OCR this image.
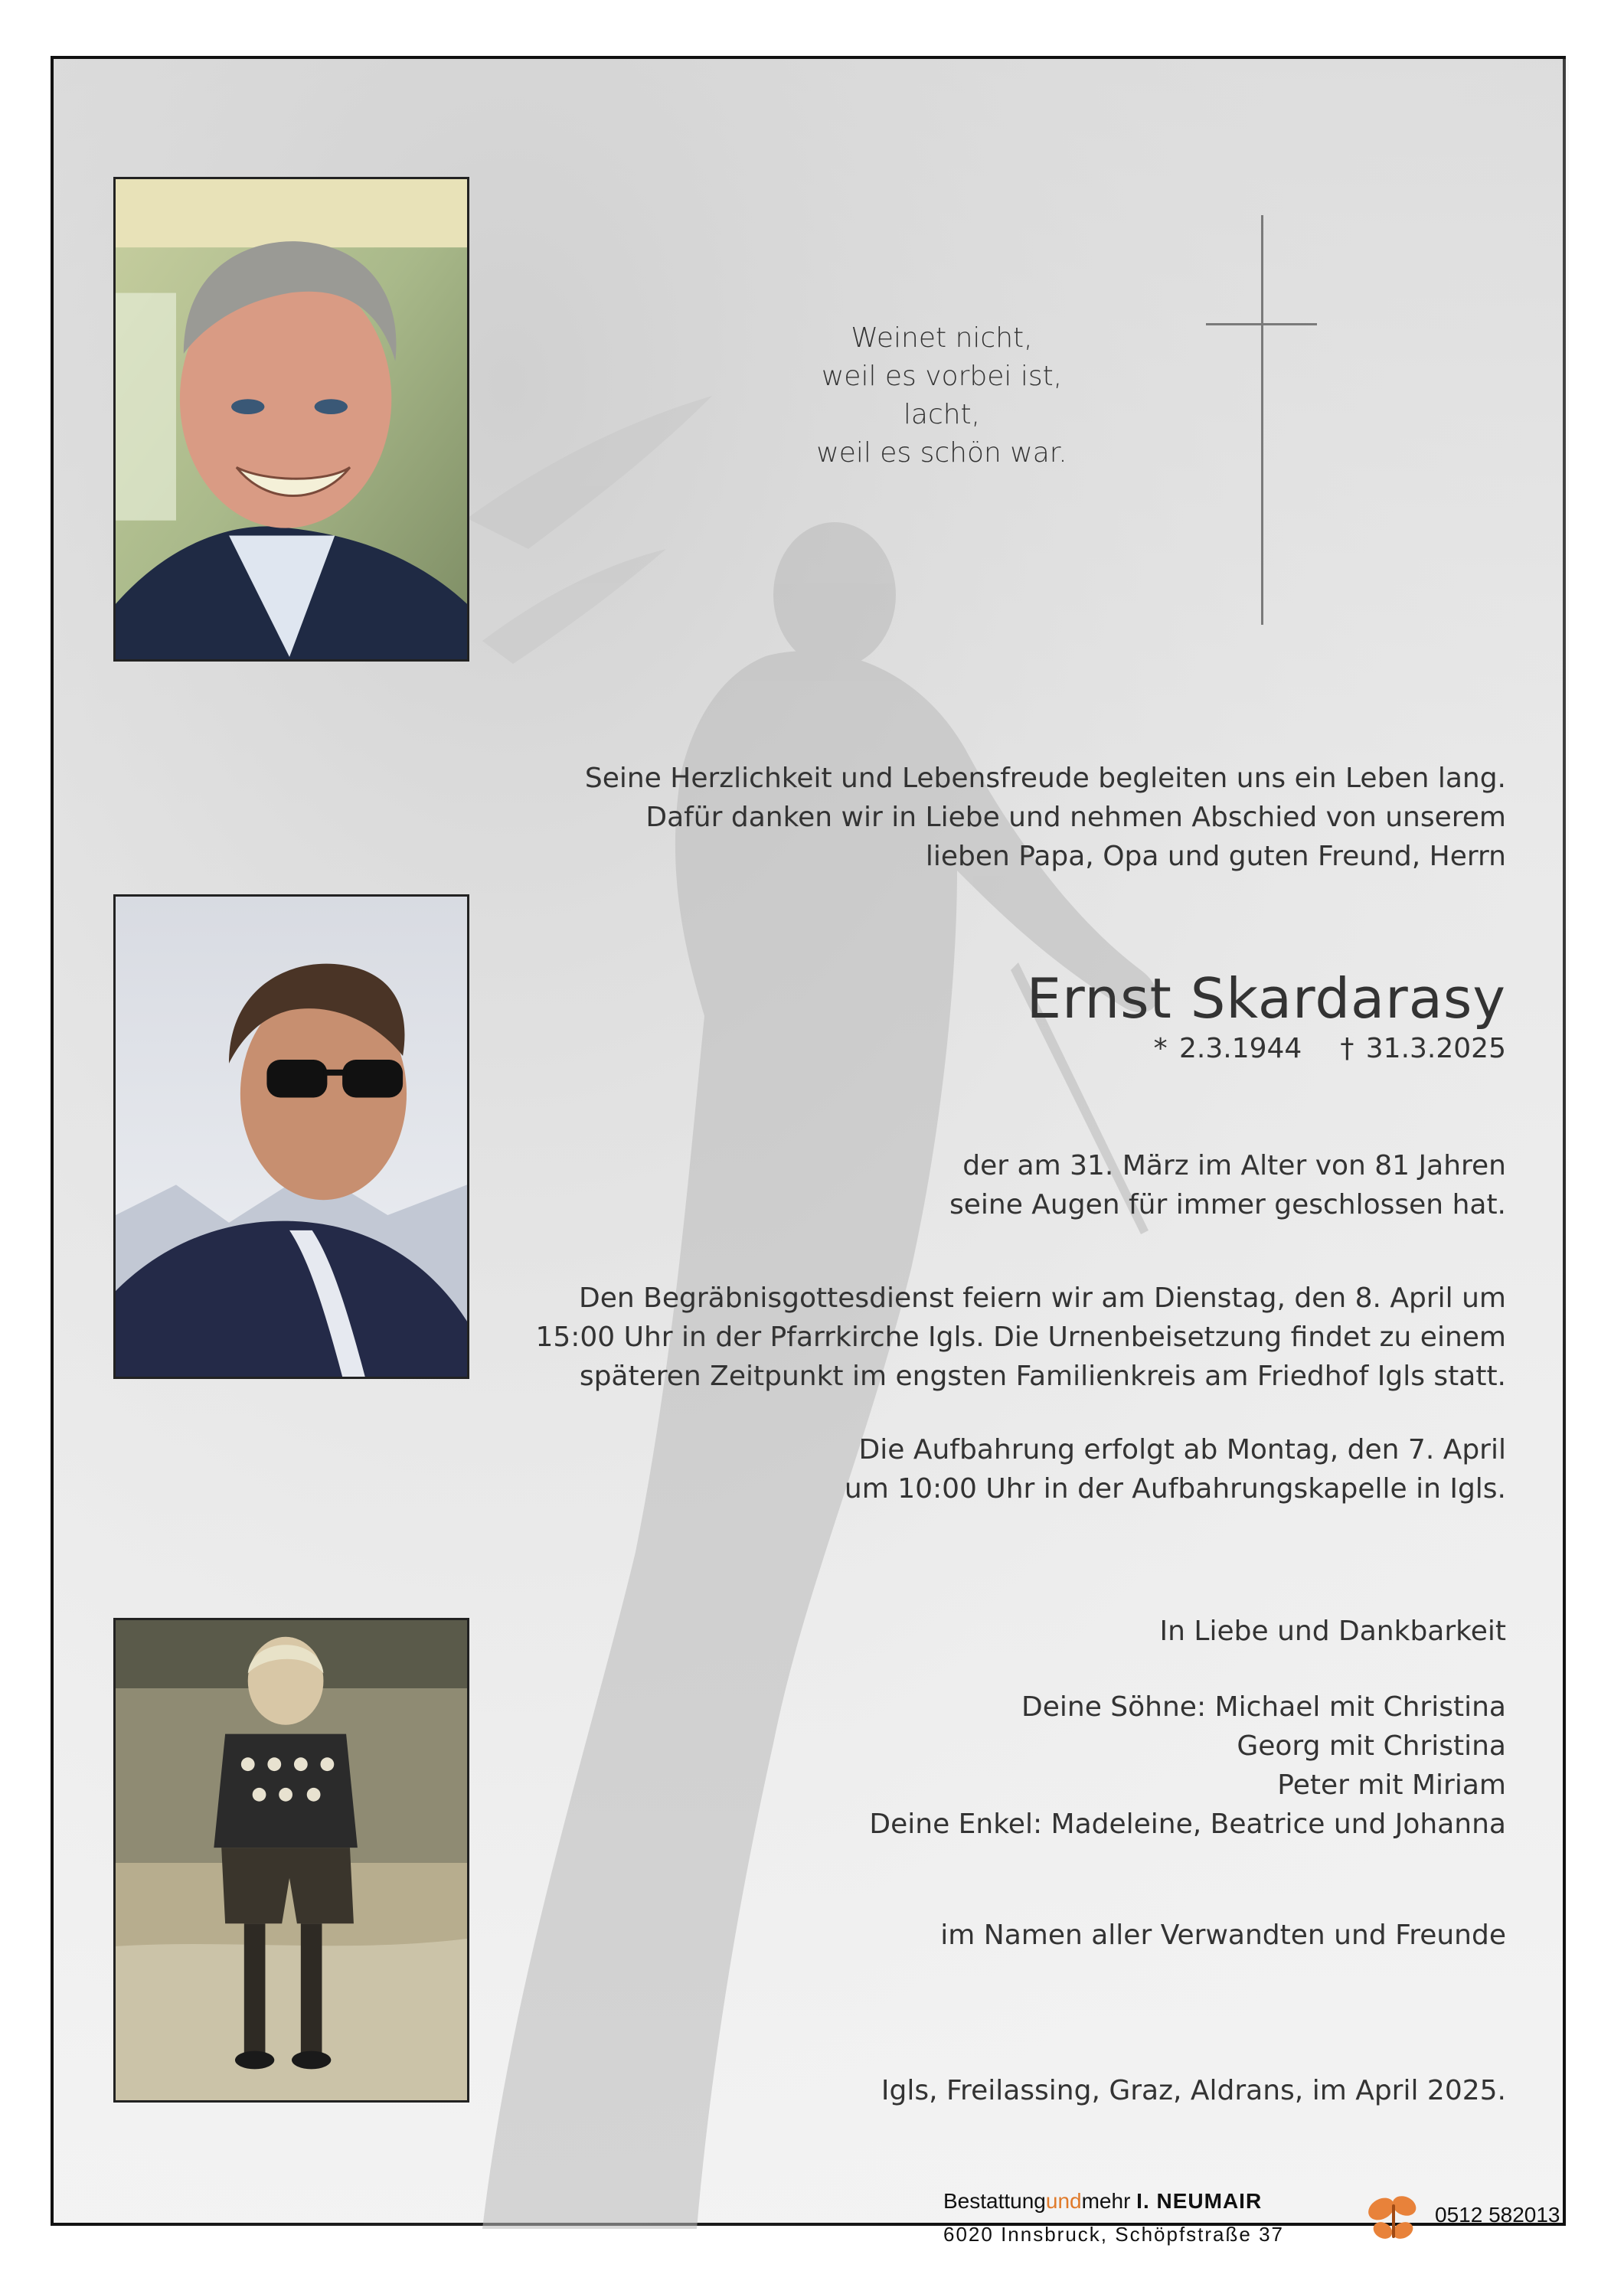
Weinet nicht,
weil es vorbei ist,
lacht,
weil es schön war.
Seine Herzlichkeit und Lebensfreude begleiten uns ein Leben lang.
Dafür danken wir in Liebe und nehmen Abschied von unserem
lieben Papa, Opa und guten Freund, Herrn
Ernst Skardarasy
* 2.3.1944 † 31.3.2025
der am 31. März im Alter von 81 Jahren
seine Augen für immer geschlossen hat.
Den Begräbnisgottesdienst feiern wir am Dienstag, den 8. April um
15:00 Uhr in der Pfarrkirche Igls. Die Urnenbeisetzung findet zu einem
späteren Zeitpunkt im engsten Familienkreis am Friedhof Igls statt.
Die Aufbahrung erfolgt ab Montag, den 7. April
um 10:00 Uhr in der Aufbahrungskapelle in Igls.
In Liebe und Dankbarkeit
Deine Söhne: Michael mit Christina
Georg mit Christina
Peter mit Miriam
Deine Enkel: Madeleine, Beatrice und Johanna
im Namen aller Verwandten und Freunde
Igls, Freilassing, Graz, Aldrans, im April 2025.
Bestattungundmehr I. NEUMAIR
6020 Innsbruck, Schöpfstraße 37
0512 582013
